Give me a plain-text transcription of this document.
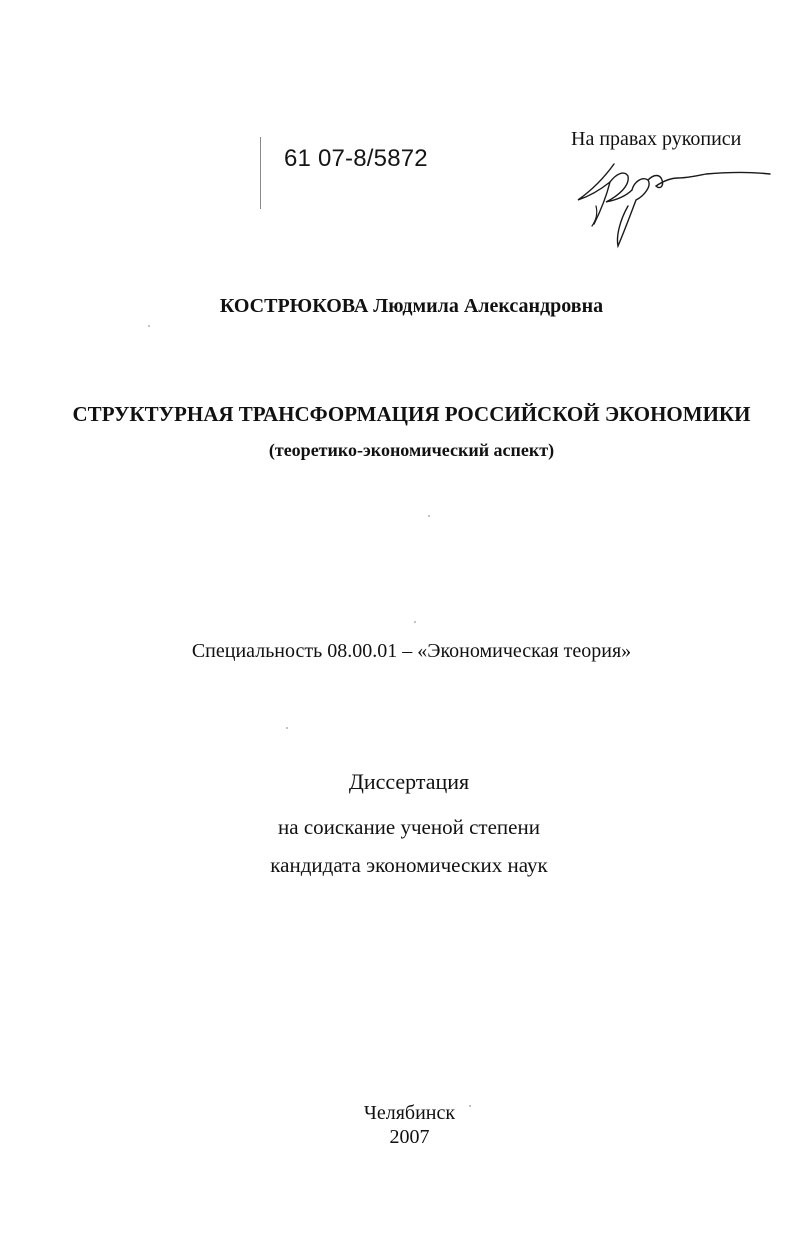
61 07-8/5872
На правах рукописи
КОСТРЮКОВА Людмила Александровна
СТРУКТУРНАЯ ТРАНСФОРМАЦИЯ РОССИЙСКОЙ ЭКОНОМИКИ
(теоретико-экономический аспект)
Специальность 08.00.01 – «Экономическая теория»
Диссертация
на соискание ученой степени
кандидата экономических наук
Челябинск
2007
